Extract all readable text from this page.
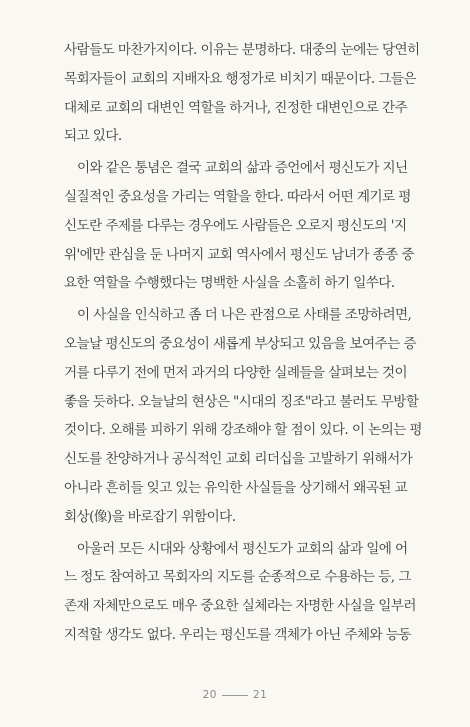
사람들도 마찬가지이다. 이유는 분명하다. 대중의 눈에는 당연히
목회자들이 교회의 지배자요 행정가로 비치기 때문이다. 그들은
대체로 교회의 대변인 역할을 하거나, 진정한 대변인으로 간주
되고 있다.
이와 같은 통념은 결국 교회의 삶과 증언에서 평신도가 지닌
실질적인 중요성을 가리는 역할을 한다. 따라서 어떤 계기로 평
신도란 주제를 다루는 경우에도 사람들은 오로지 평신도의 '지
위'에만 관심을 둔 나머지 교회 역사에서 평신도 남녀가 종종 중
요한 역할을 수행했다는 명백한 사실을 소홀히 하기 일쑤다.
이 사실을 인식하고 좀 더 나은 관점으로 사태를 조망하려면,
오늘날 평신도의 중요성이 새롭게 부상되고 있음을 보여주는 증
거를 다루기 전에 먼저 과거의 다양한 실례들을 살펴보는 것이
좋을 듯하다. 오늘날의 현상은 "시대의 징조"라고 불러도 무방할
것이다. 오해를 피하기 위해 강조해야 할 점이 있다. 이 논의는 평
신도를 찬양하거나 공식적인 교회 리더십을 고발하기 위해서가
아니라 흔히들 잊고 있는 유익한 사실들을 상기해서 왜곡된 교
회상(像)을 바로잡기 위함이다.
아울러 모든 시대와 상황에서 평신도가 교회의 삶과 일에 어
느 정도 참여하고 목회자의 지도를 순종적으로 수용하는 등, 그
존재 자체만으로도 매우 중요한 실체라는 자명한 사실을 일부러
지적할 생각도 없다. 우리는 평신도를 객체가 아닌 주체와 능동
20	21
